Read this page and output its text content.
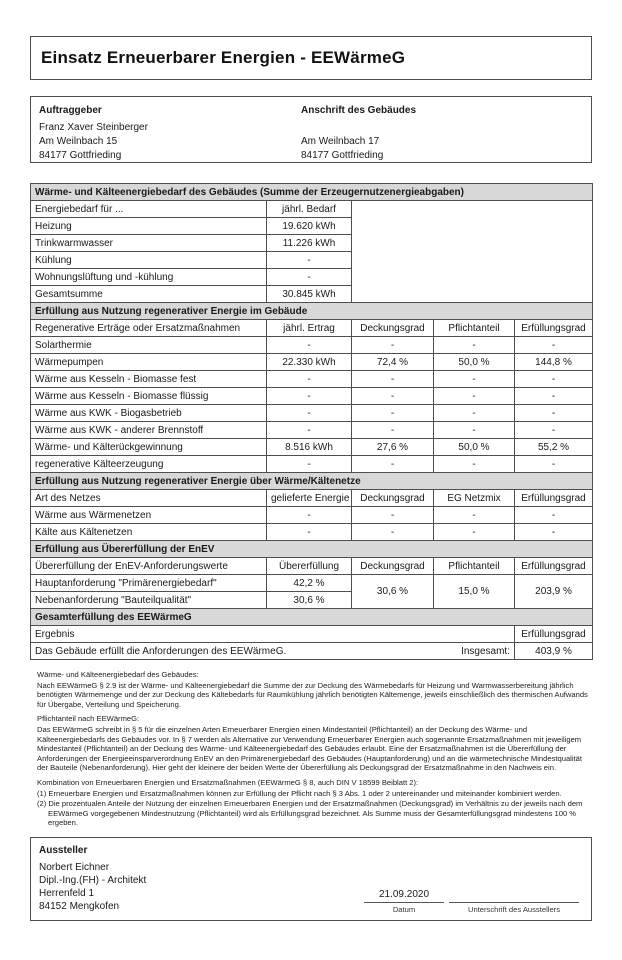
Einsatz Erneuerbarer Energien - EEWärmeG
Auftraggeber
Franz Xaver Steinberger
Am Weilnbach 15
84177 Gottfrieding
Anschrift des Gebäudes
Am Weilnbach 17
84177 Gottfrieding
Wärme- und Kälteenergiebedarf des Gebäudes (Summe der Erzeugernutzenergieabgaben)				
Energiebedarf für ...	jährl. Bedarf			
Heizung	19.620 kWh			
Trinkwarmwasser	11.226 kWh			
Kühlung	-			
Wohnungslüftung und -kühlung	-			
Gesamtsumme	30.845 kWh			
Erfüllung aus Nutzung regenerativer Energie im Gebäude				
Regenerative Erträge oder Ersatzmaßnahmen	jährl. Ertrag	Deckungsgrad	Pflichtanteil	Erfüllungsgrad
Solarthermie	-	-	-	-
Wärmepumpen	22.330 kWh	72,4 %	50,0 %	144,8 %
Wärme aus Kesseln - Biomasse fest	-	-	-	-
Wärme aus Kesseln - Biomasse flüssig	-	-	-	-
Wärme aus KWK - Biogasbetrieb	-	-	-	-
Wärme aus KWK - anderer Brennstoff	-	-	-	-
Wärme- und Kälterückgewinnung	8.516 kWh	27,6 %	50,0 %	55,2 %
regenerative Kälteerzeugung	-	-	-	-
Erfüllung aus Nutzung regenerativer Energie über Wärme/Kältenetze				
Art des Netzes	gelieferte Energie	Deckungsgrad	EG Netzmix	Erfüllungsgrad
Wärme aus Wärmenetzen	-	-	-	-
Kälte aus Kältenetzen	-	-	-	-
Erfüllung aus Übererfüllung der EnEV				
Übererfüllung der EnEV-Anforderungswerte	Übererfüllung	Deckungsgrad	Pflichtanteil	Erfüllungsgrad
Hauptanforderung "Primärenergiebedarf"	42,2 %	30,6 %	15,0 %	203,9 %
Nebenanforderung "Bauteilqualität"	30,6 %			
Gesamterfüllung des EEWärmeG				
Ergebnis				Erfüllungsgrad

Das Gebäude erfüllt die Anforderungen des EEWärmeG. Insgesamt:				403,9 %
Wärme- und Kälteenergiebedarf des Gebäudes:
Nach EEWärmeG § 2.9 ist der Wärme- und Kälteenergiebedarf die Summe der zur Deckung des Wärmebedarfs für Heizung und Warmwasserbereitung jährlich benötigten Wärmemenge und der zur Deckung des Kältebedarfs für Raumkühlung jährlich benötigten Kältemenge, jeweils einschließlich des thermischen Aufwands für Übergabe, Verteilung und Speicherung.
Pflichtanteil nach EEWärmeG:
Das EEWärmeG schreibt in § 5 für die einzelnen Arten Erneuerbarer Energien einen Mindestanteil (Pflichtanteil) an der Deckung des Wärme- und Kälteenergiebedarfs des Gebäudes vor. In § 7 werden als Alternative zur Verwendung Erneuerbarer Energien auch sogenannte Ersatzmaßnahmen mit jeweiligem Mindestanteil (Pflichtanteil) an der Deckung des Wärme- und Kälteenergiebedarf des Gebäudes erlaubt. Eine der Ersatzmaßnahmen ist die Übererfüllung der Anforderungen der Energieeinsparverordnung EnEV an den Primärenergiebedarf des Gebäudes (Hauptanforderung) und an die wärmetechnische Mindestqualität der Bauteile (Nebenanforderung). Hier geht der kleinere der beiden Werte der Übererfüllung als Deckungsgrad der Ersatzmaßnahme in den Nachweis ein.
Kombination von Erneuerbaren Energien und Ersatzmaßnahmen (EEWärmeG § 8, auch DIN V 18599 Beiblatt 2):
(1) Erneuerbare Energien und Ersatzmaßnahmen können zur Erfüllung der Pflicht nach § 3 Abs. 1 oder 2 untereinander und miteinander kombiniert werden.
(2) Die prozentualen Anteile der Nutzung der einzelnen Erneuerbaren Energien und der Ersatzmaßnahmen (Deckungsgrad) im Verhältnis zu der jeweils nach dem EEWärmeG vorgegebenen Mindestnutzung (Pflichtanteil) wird als Erfüllungsgrad bezeichnet. Als Summe muss der Gesamterfüllungsgrad mindestens 100 % ergeben.
Aussteller
Norbert Eichner
Dipl.-Ing.(FH) - Architekt
Herrenfeld 1
84152 Mengkofen
21.09.2020
Datum	Unterschrift des Ausstellers
